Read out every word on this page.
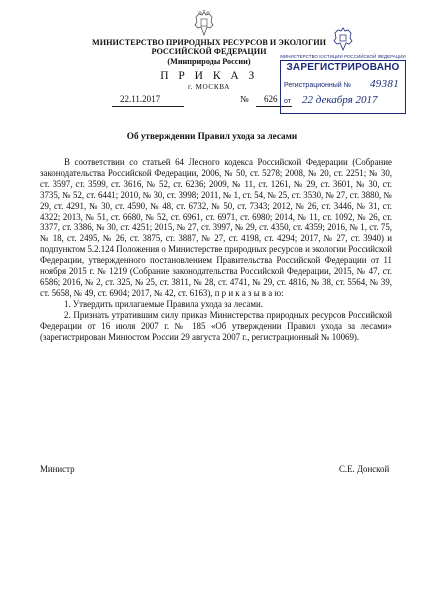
МИНИСТЕРСТВО ПРИРОДНЫХ РЕСУРСОВ И ЭКОЛОГИИ
РОССИЙСКОЙ ФЕДЕРАЦИИ
(Минприроды России)
П Р И К А З
г. МОСКВА
22.11.2017	№ 626
МИНИСТЕРСТВО ЮСТИЦИИ РОССИЙСКОЙ ФЕДЕРАЦИИ
ЗАРЕГИСТРИРОВАНО
Регистрационный № 49381
от 22 декабря 2017
Об утверждении Правил ухода за лесами

В соответствии со статьей 64 Лесного кодекса Российской Федерации (Собрание законодательства Российской Федерации, 2006, № 50, ст. 5278; 2008, № 20, ст. 2251; № 30, ст. 3597, ст. 3599, ст. 3616, № 52, ст. 6236; 2009, № 11, ст. 1261, № 29, ст. 3601, № 30, ст. 3735, № 52, ст. 6441; 2010, № 30, ст. 3998; 2011, № 1, ст. 54, № 25, ст. 3530, № 27, ст. 3880, № 29, ст. 4291, № 30, ст. 4590, № 48, ст. 6732, № 50, ст. 7343; 2012, № 26, ст. 3446, № 31, ст. 4322; 2013, № 51, ст. 6680, № 52, ст. 6961, ст. 6971, ст. 6980; 2014, № 11, ст. 1092, № 26, ст. 3377, ст. 3386, № 30, ст. 4251; 2015, № 27, ст. 3997, № 29, ст. 4350, ст. 4359; 2016, № 1, ст. 75, № 18, ст. 2495, № 26, ст. 3875, ст. 3887, № 27, ст. 4198, ст. 4294; 2017, № 27, ст. 3940) и подпунктом 5.2.124 Положения о Министерстве природных ресурсов и экологии Российской Федерации, утвержденного постановлением Правительства Российской Федерации от 11 ноября 2015 г. № 1219 (Собрание законодательства Российской Федерации, 2015, № 47, ст. 6586; 2016, № 2, ст. 325, № 25, ст. 3811, № 28, ст. 4741, № 29, ст. 4816, № 38, ст. 5564, № 39, ст. 5658, № 49, ст. 6904; 2017, № 42, ст. 6163), п р и к а з ы в а ю:

1. Утвердить прилагаемые Правила ухода за лесами.

2. Признать утратившим силу приказ Министерства природных ресурсов Российской Федерации от 16 июля 2007 г. № 185 «Об утверждении Правил ухода за лесами» (зарегистрирован Минюстом России 29 августа 2007 г., регистрационный № 10069).

Министр	С.Е. Донской
